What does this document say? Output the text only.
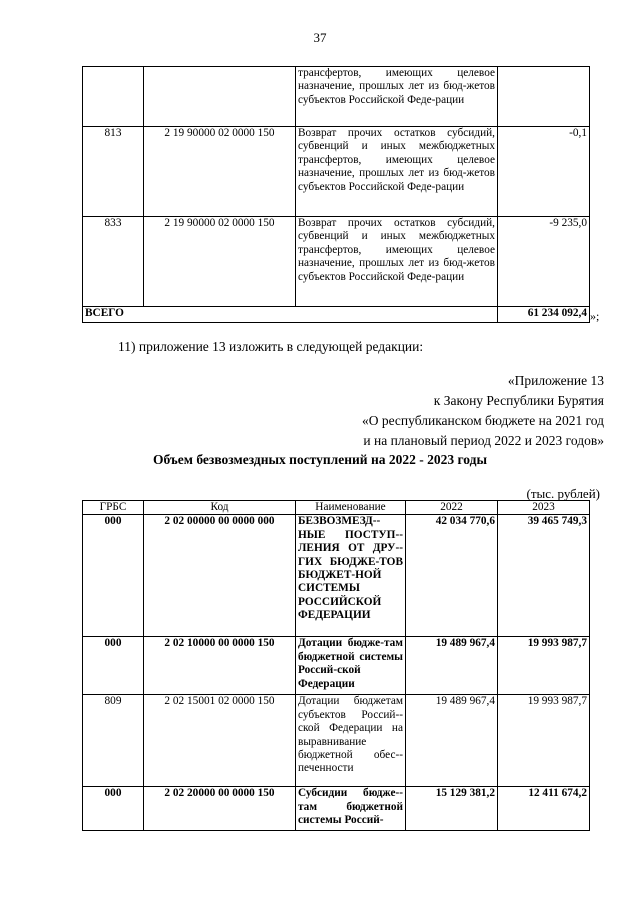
37
		трансфертов, имеющих целевое назначение, прошлых лет из бюд-жетов субъектов Российской Феде-рации	
813	2 19 90000 02 0000 150	Возврат прочих остатков субсидий, субвенций и иных межбюджетных трансфертов, имеющих целевое назначение, прошлых лет из бюд-жетов субъектов Российской Феде-рации	-0,1
833	2 19 90000 02 0000 150	Возврат прочих остатков субсидий, субвенций и иных межбюджетных трансфертов, имеющих целевое назначение, прошлых лет из бюд-жетов субъектов Российской Феде-рации	-9 235,0
ВСЕГО			61 234 092,4 »;
11) приложение 13 изложить в следующей редакции:
«Приложение 13
к Закону Республики Бурятия
«О республиканском бюджете на 2021 год
и на плановый период 2022 и 2023 годов»
Объем безвозмездных поступлений на 2022 - 2023 годы
(тыс. рублей)
ГРБС	Код	Наименование	2022	2023
000	2 02 00000 00 0000 000	БЕЗВОЗМЕЗД-НЫЕ ПОСТУП-ЛЕНИЯ ОТ ДРУ-ГИХ БЮДЖЕ-ТОВ БЮДЖЕТ-НОЙ СИСТЕМЫ РОССИЙСКОЙ ФЕДЕРАЦИИ	42 034 770,6	39 465 749,3
000	2 02 10000 00 0000 150	Дотации бюдже-там бюджетной системы Россий-ской Федерации	19 489 967,4	19 993 987,7
809	2 02 15001 02 0000 150	Дотации бюджетам субъектов Россий-ской Федерации на выравнивание бюджетной обес-печенности	19 489 967,4	19 993 987,7
000	2 02 20000 00 0000 150	Субсидии бюдже-там бюджетной системы Россий-	15 129 381,2	12 411 674,2
